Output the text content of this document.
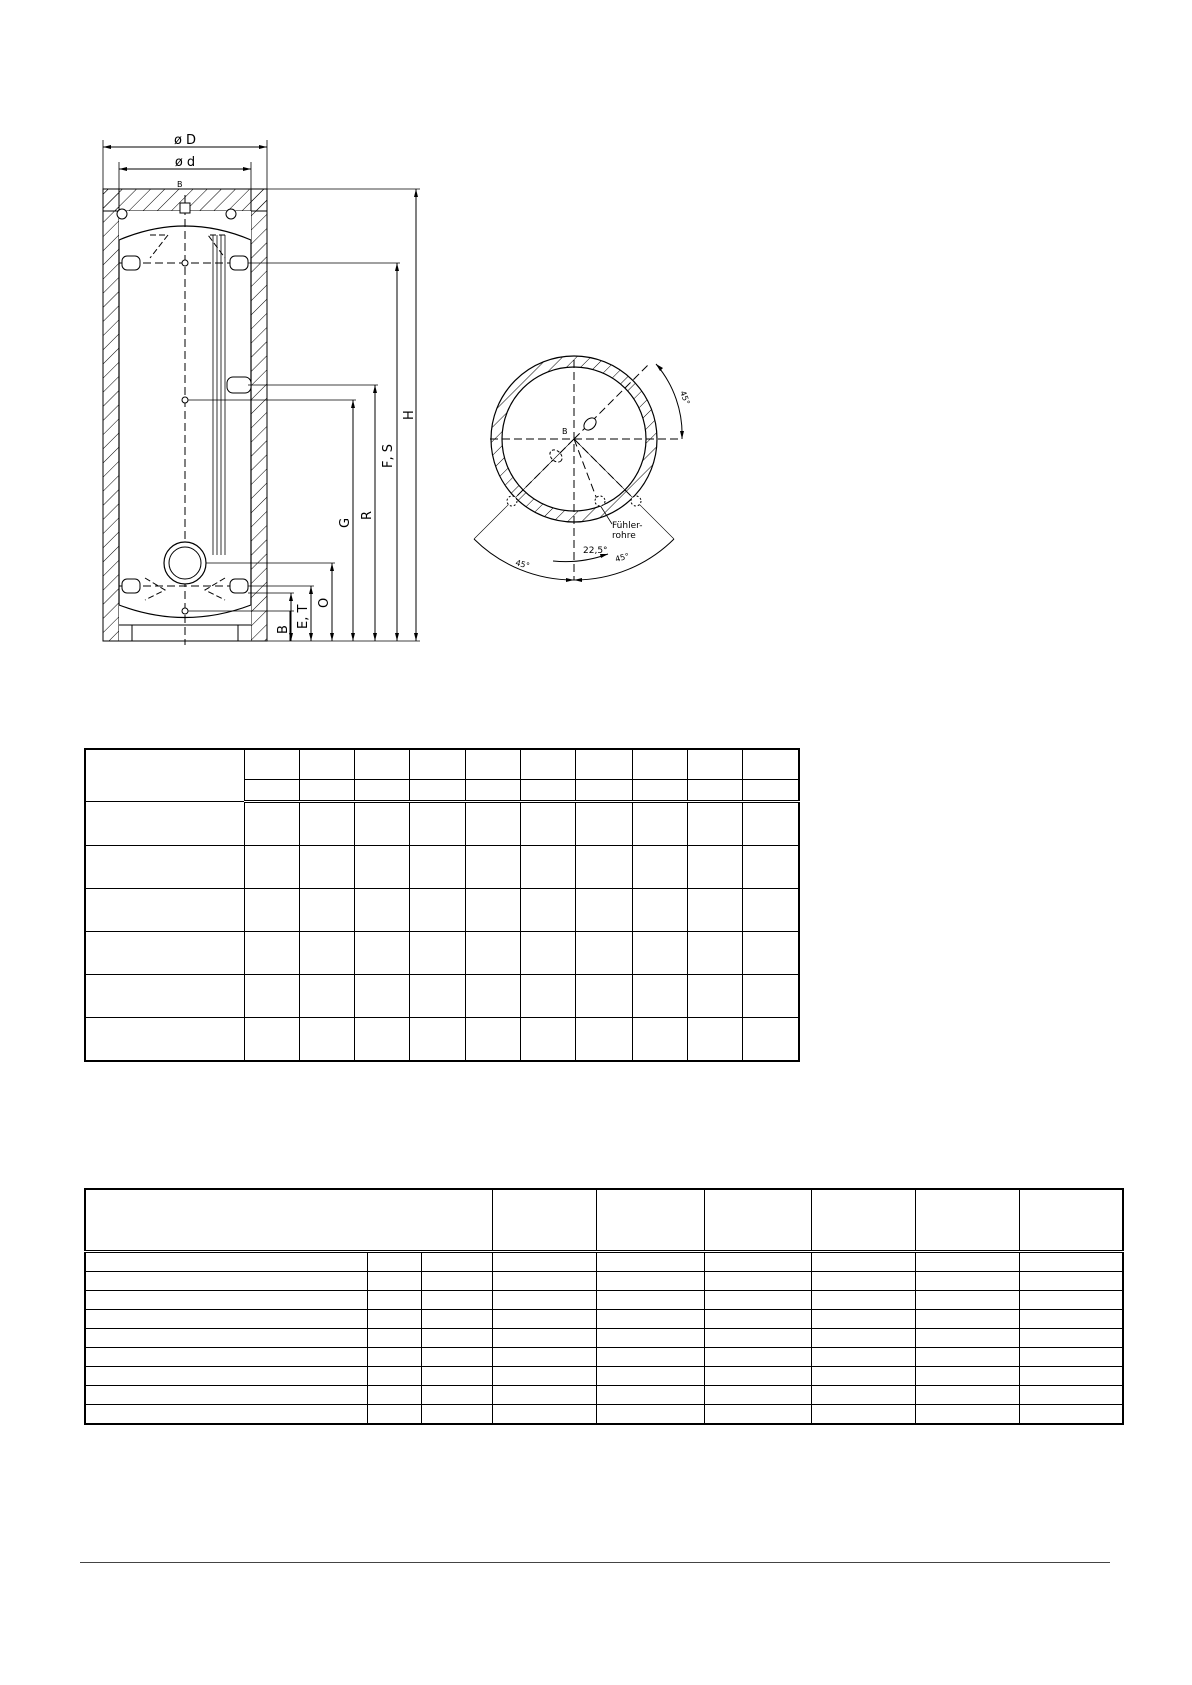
ø D
ø d
B
H
F, S
R
G
O
E, T
B
B
45°
45°
45°
22,5°
Fühler-
rohre
